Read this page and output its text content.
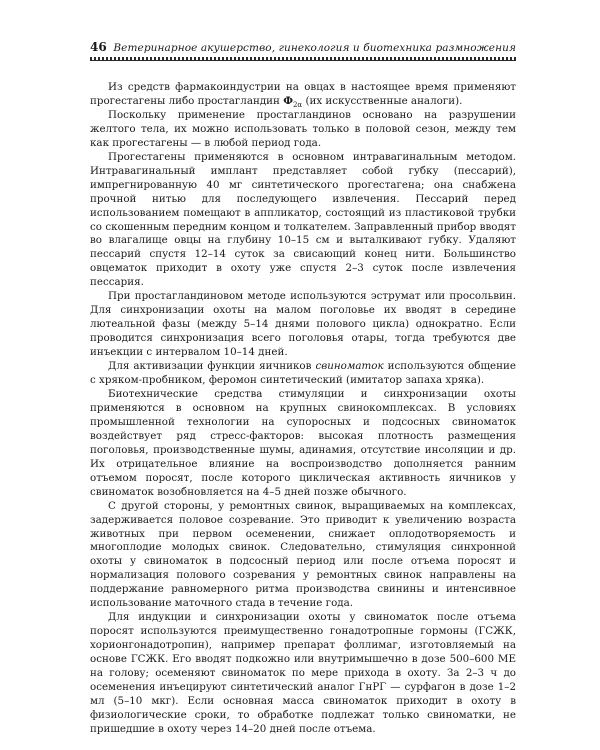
46 Ветеринарное акушерство, гинекология и биотехника размножения

Из средств фармакоиндустрии на овцах в настоящее время применяют прогестагены либо простагландин $Ф_{2\alpha}$ (их искусственные аналоги).

Поскольку применение простагландинов основано на разрушении желтого тела, их можно использовать только в половой сезон, между тем как прогестагены — в любой период года.

Прогестагены применяются в основном интравагинальным методом. Интравагинальный имплант представляет собой губку (пессарий), импрегнированную 40 мг синтетического прогестагена; она снабжена прочной нитью для последующего извлечения. Пессарий перед использованием помещают в аппликатор, состоящий из пластиковой трубки со скошенным передним концом и толкателем. Заправленный прибор вводят во влагалище овцы на глубину 10–15 см и выталкивают губку. Удаляют пессарий спустя 12–14 суток за свисающий конец нити. Большинство овцематок приходит в охоту уже спустя 2–3 суток после извлечения пессария.

При простагландиновом методе используются эструмат или просольвин. Для синхронизации охоты на малом поголовье их вводят в середине лютеальной фазы (между 5–14 днями полового цикла) однократно. Если проводится синхронизация всего поголовья отары, тогда требуются две инъекции с интервалом 10–14 дней.

Для активизации функции яичников свиноматок используются общение с хряком-пробником, феромон синтетический (имитатор запаха хряка).

Биотехнические средства стимуляции и синхронизации охоты применяются в основном на крупных свинокомплексах. В условиях промышленной технологии на супоросных и подсосных свиноматок воздействует ряд стресс-факторов: высокая плотность размещения поголовья, производственные шумы, адинамия, отсутствие инсоляции и др. Их отрицательное влияние на воспроизводство дополняется ранним отъемом поросят, после которого циклическая активность яичников у свиноматок возобновляется на 4–5 дней позже обычного.

С другой стороны, у ремонтных свинок, выращиваемых на комплексах, задерживается половое созревание. Это приводит к увеличению возраста животных при первом осеменении, снижает оплодотворяемость и многоплодие молодых свинок. Следовательно, стимуляция синхронной охоты у свиноматок в подсосный период или после отъема поросят и нормализация полового созревания у ремонтных свинок направлены на поддержание равномерного ритма производства свинины и интенсивное использование маточного стада в течение года.

Для индукции и синхронизации охоты у свиноматок после отъема поросят используются преимущественно гонадотропные гормоны (ГСЖК, хорионгонадотропин), например препарат фоллимаг, изготовляемый на основе ГСЖК. Его вводят подкожно или внутримышечно в дозе 500–600 МЕ на голову; осеменяют свиноматок по мере прихода в охоту. За 2–3 ч до осеменения инъецируют синтетический аналог ГнРГ — сурфагон в дозе 1–2 мл (5–10 мкг). Если основная масса свиноматок приходит в охоту в физиологические сроки, то обработке подлежат только свиноматки, не пришедшие в охоту через 14–20 дней после отъема.
